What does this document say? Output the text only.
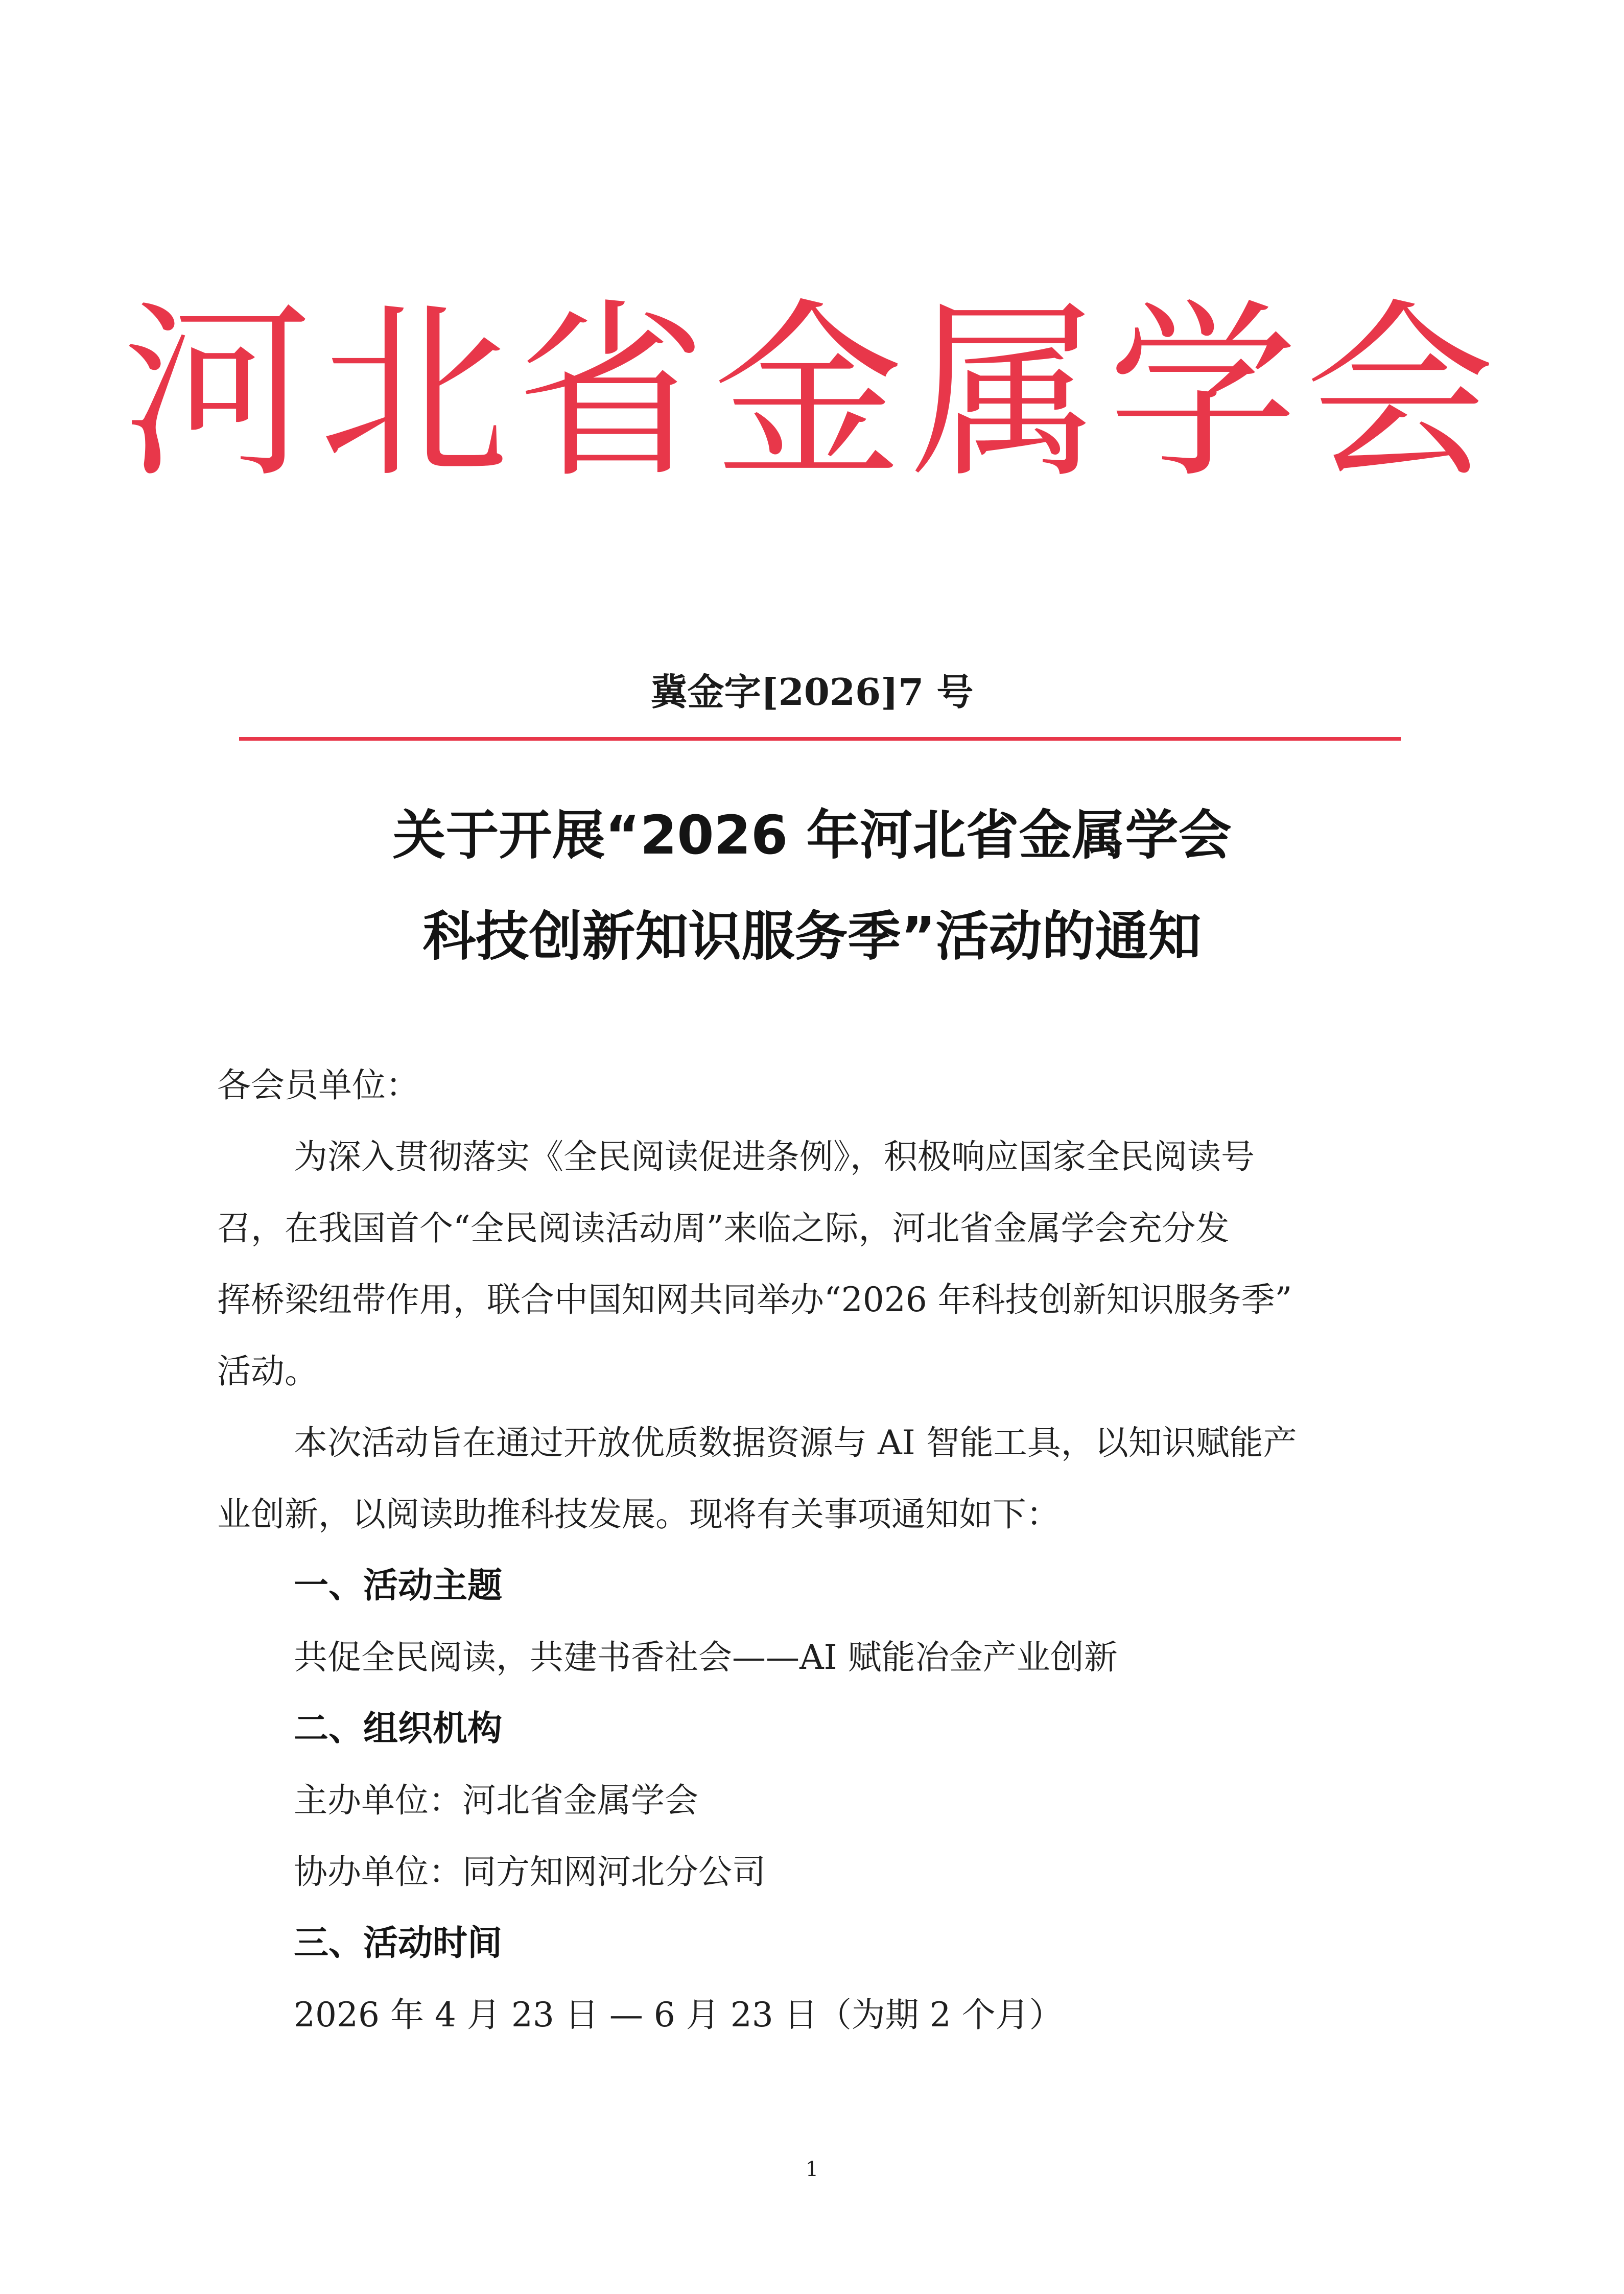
河北省金属学会
冀金字[2026]7 号
关于开展“2026 年河北省金属学会
科技创新知识服务季”活动的通知
各会员单位：
为深入贯彻落实《全民阅读促进条例》，积极响应国家全民阅读号
召，在我国首个“全民阅读活动周”来临之际，河北省金属学会充分发
挥桥梁纽带作用，联合中国知网共同举办“2026 年科技创新知识服务季”
活动。
本次活动旨在通过开放优质数据资源与 AI 智能工具，以知识赋能产
业创新，以阅读助推科技发展。现将有关事项通知如下：
一、活动主题
共促全民阅读，共建书香社会——AI 赋能冶金产业创新
二、组织机构
主办单位：河北省金属学会
协办单位：同方知网河北分公司
三、活动时间
2026 年 4 月 23 日 — 6 月 23 日（为期 2 个月）
1
